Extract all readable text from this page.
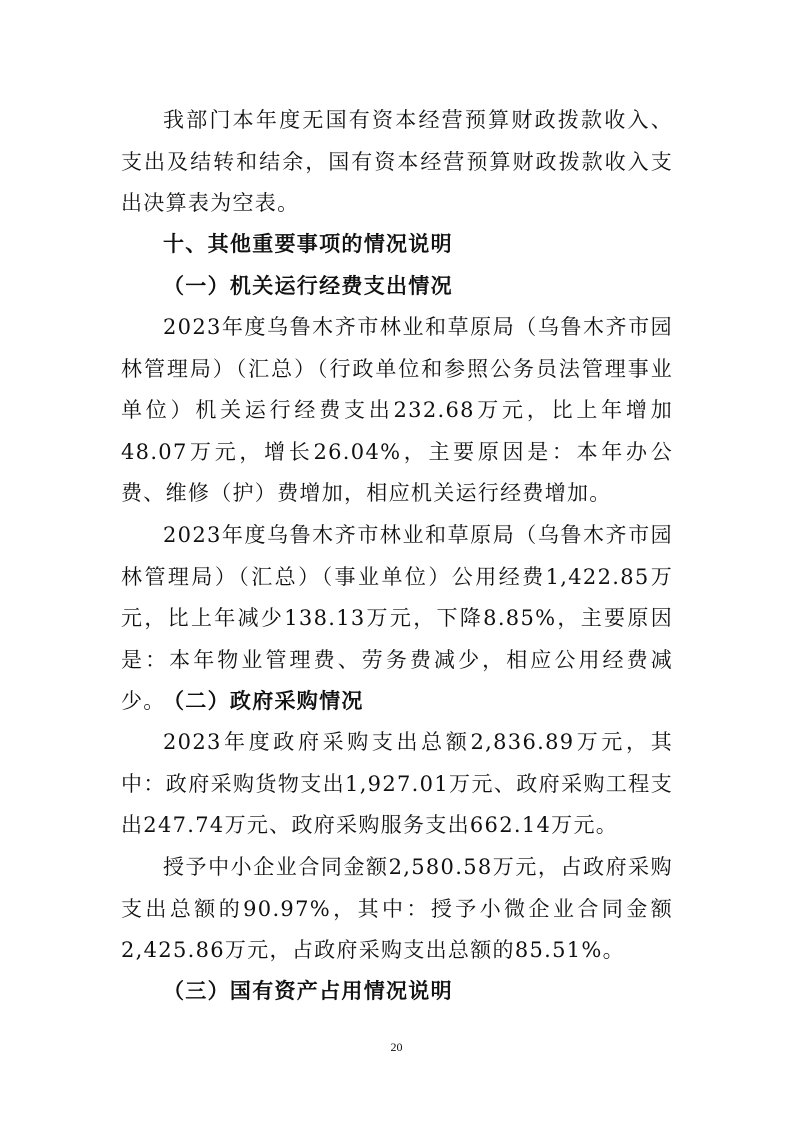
我部门本年度无国有资本经营预算财政拨款收入、支出及结转和结余，国有资本经营预算财政拨款收入支出决算表为空表。

十、其他重要事项的情况说明
（一）机关运行经费支出情况

2023年度乌鲁木齐市林业和草原局（乌鲁木齐市园林管理局）（汇总）（行政单位和参照公务员法管理事业单位）机关运行经费支出232.68万元，比上年增加48.07万元，增长26.04%，主要原因是：本年办公费、维修（护）费增加，相应机关运行经费增加。

2023年度乌鲁木齐市林业和草原局（乌鲁木齐市园林管理局）（汇总）（事业单位）公用经费1,422.85万元，比上年减少138.13万元，下降8.85%，主要原因是：本年物业管理费、劳务费减少，相应公用经费减少。

（二）政府采购情况

2023年度政府采购支出总额2,836.89万元，其中：政府采购货物支出1,927.01万元、政府采购工程支出247.74万元、政府采购服务支出662.14万元。

授予中小企业合同金额2,580.58万元，占政府采购支出总额的90.97%，其中：授予小微企业合同金额2,425.86万元，占政府采购支出总额的85.51%。

（三）国有资产占用情况说明
20
